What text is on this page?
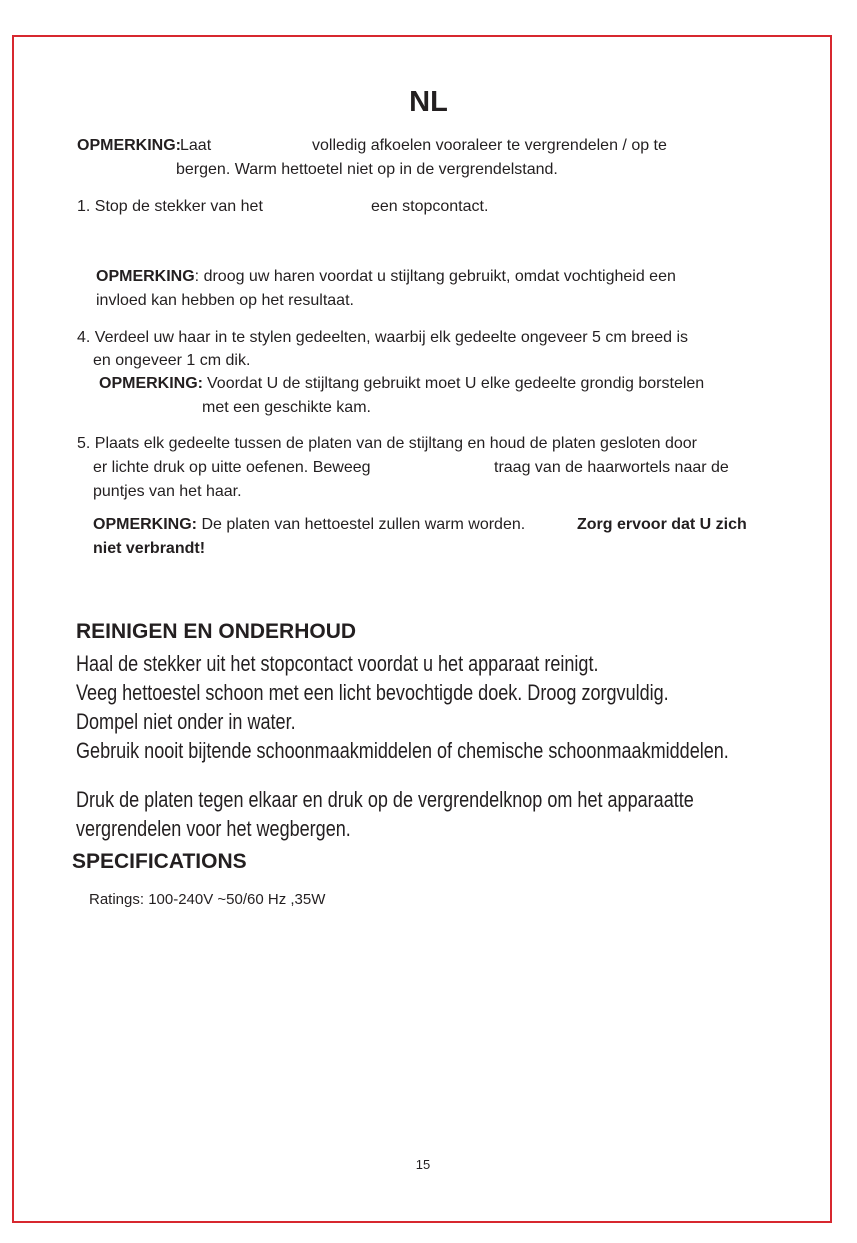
NL
OPMERKING: Laat	volledig afkoelen vooraleer te vergrendelen / op te
bergen. Warm hettoetel niet op in de vergrendelstand.
1. Stop de stekker van het	een stopcontact.
OPMERKING: droog uw haren voordat u stijltang gebruikt, omdat vochtigheid een
invloed kan hebben op het resultaat.
4. Verdeel uw haar in te stylen gedeelten, waarbij elk gedeelte ongeveer 5 cm breed is
en ongeveer 1 cm dik.
OPMERKING: Voordat U de stijltang gebruikt moet U elke gedeelte grondig borstelen
met een geschikte kam.
5. Plaats elk gedeelte tussen de platen van de stijltang en houd de platen gesloten door
er lichte druk op uitte oefenen. Beweeg	traag van de haarwortels naar de
puntjes van het haar.
OPMERKING: De platen van hettoestel zullen warm worden.	Zorg ervoor dat U zich
niet verbrandt!
REINIGEN EN ONDERHOUD
Haal de stekker uit het stopcontact voordat u het apparaat reinigt.
Veeg hettoestel schoon met een licht bevochtigde doek. Droog zorgvuldig.
Dompel niet onder in water.
Gebruik nooit bijtende schoonmaakmiddelen of chemische schoonmaakmiddelen.
Druk de platen tegen elkaar en druk op de vergrendelknop om het apparaatte
vergrendelen voor het wegbergen.
SPECIFICATIONS
Ratings: 100-240V ~50/60 Hz ,35W
15
